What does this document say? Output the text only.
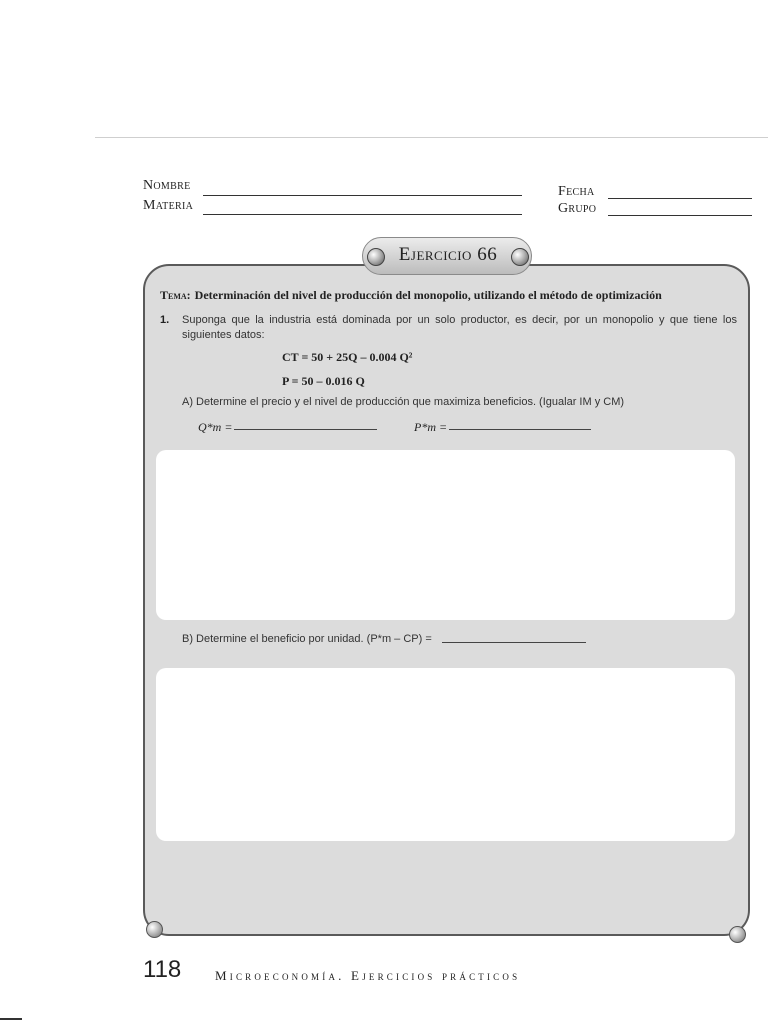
Nombre
Materia
Fecha
Grupo
Ejercicio 66
Tema: Determinación del nivel de producción del monopolio, utilizando el método de optimización
1. Suponga que la industria está dominada por un solo productor, es decir, por un monopolio y que tiene los siguientes datos:
CT = 50 + 25Q – 0.004 Q²
P = 50 – 0.016 Q
A) Determine el precio y el nivel de producción que maximiza beneficios. (Igualar IM y CM)
Q*m =	P*m =
B) Determine el beneficio por unidad. (P*m – CP) =
118	Microeconomía. Ejercicios prácticos
